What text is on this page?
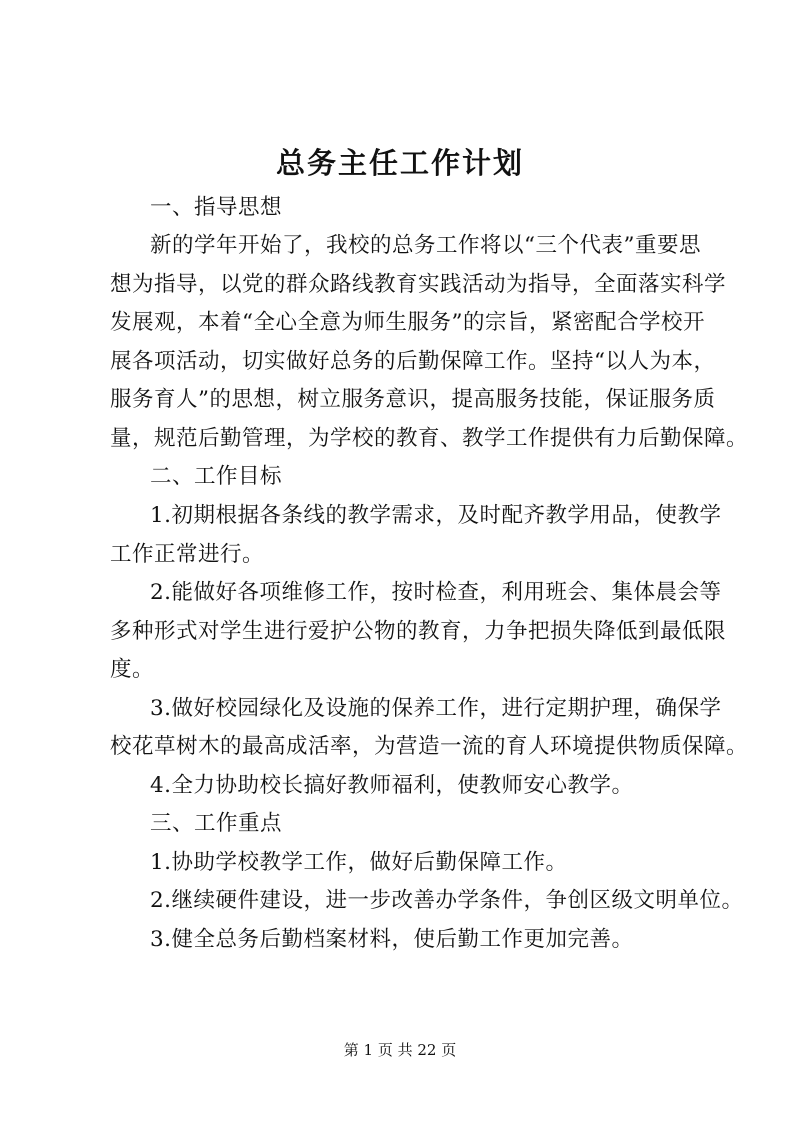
总务主任工作计划
一、指导思想
新的学年开始了，我校的总务工作将以“三个代表”重要思
想为指导，以党的群众路线教育实践活动为指导，全面落实科学
发展观，本着“全心全意为师生服务”的宗旨，紧密配合学校开
展各项活动，切实做好总务的后勤保障工作。坚持“以人为本，
服务育人”的思想，树立服务意识，提高服务技能，保证服务质
量，规范后勤管理，为学校的教育、教学工作提供有力后勤保障。
二、工作目标
1.初期根据各条线的教学需求，及时配齐教学用品，使教学
工作正常进行。
2.能做好各项维修工作，按时检查，利用班会、集体晨会等
多种形式对学生进行爱护公物的教育，力争把损失降低到最低限
度。
3.做好校园绿化及设施的保养工作，进行定期护理，确保学
校花草树木的最高成活率，为营造一流的育人环境提供物质保障。
4.全力协助校长搞好教师福利，使教师安心教学。
三、工作重点
1.协助学校教学工作，做好后勤保障工作。
2.继续硬件建设，进一步改善办学条件，争创区级文明单位。
3.健全总务后勤档案材料，使后勤工作更加完善。
第 1 页 共 22 页
